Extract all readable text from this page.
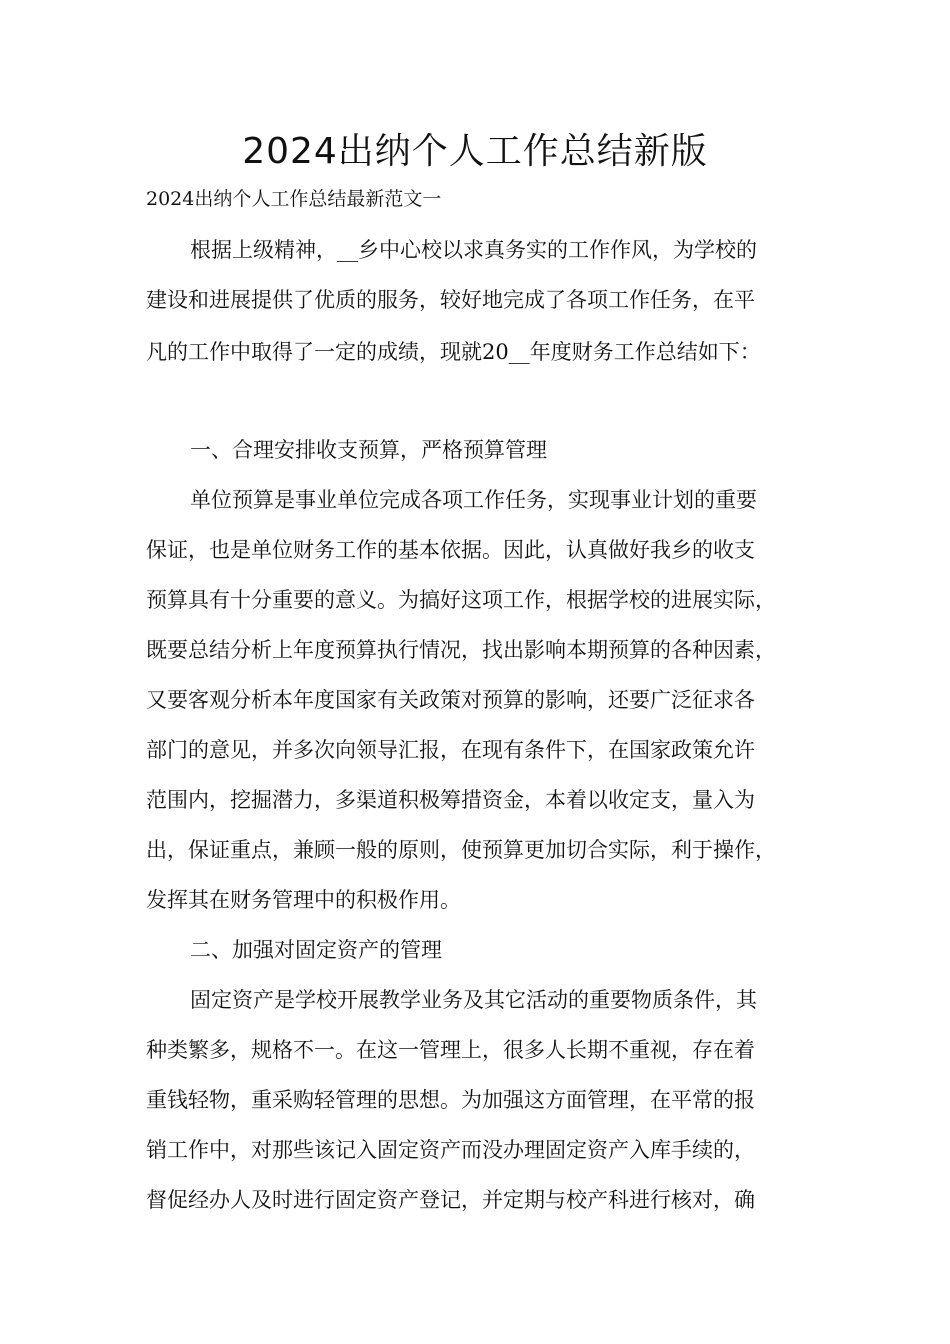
2024出纳个人工作总结新版
2024出纳个人工作总结最新范文一
根据上级精神，__乡中心校以求真务实的工作作风，为学校的
建设和进展提供了优质的服务，较好地完成了各项工作任务，在平
凡的工作中取得了一定的成绩，现就20__年度财务工作总结如下：
一、合理安排收支预算，严格预算管理
单位预算是事业单位完成各项工作任务，实现事业计划的重要
保证，也是单位财务工作的基本依据。因此，认真做好我乡的收支
预算具有十分重要的意义。为搞好这项工作，根据学校的进展实际，
既要总结分析上年度预算执行情况，找出影响本期预算的各种因素，
又要客观分析本年度国家有关政策对预算的影响，还要广泛征求各
部门的意见，并多次向领导汇报，在现有条件下，在国家政策允许
范围内，挖掘潜力，多渠道积极筹措资金，本着以收定支，量入为
出，保证重点，兼顾一般的原则，使预算更加切合实际，利于操作，
发挥其在财务管理中的积极作用。
二、加强对固定资产的管理
固定资产是学校开展教学业务及其它活动的重要物质条件，其
种类繁多，规格不一。在这一管理上，很多人长期不重视，存在着
重钱轻物，重采购轻管理的思想。为加强这方面管理，在平常的报
销工作中，对那些该记入固定资产而没办理固定资产入库手续的，
督促经办人及时进行固定资产登记，并定期与校产科进行核对，确
